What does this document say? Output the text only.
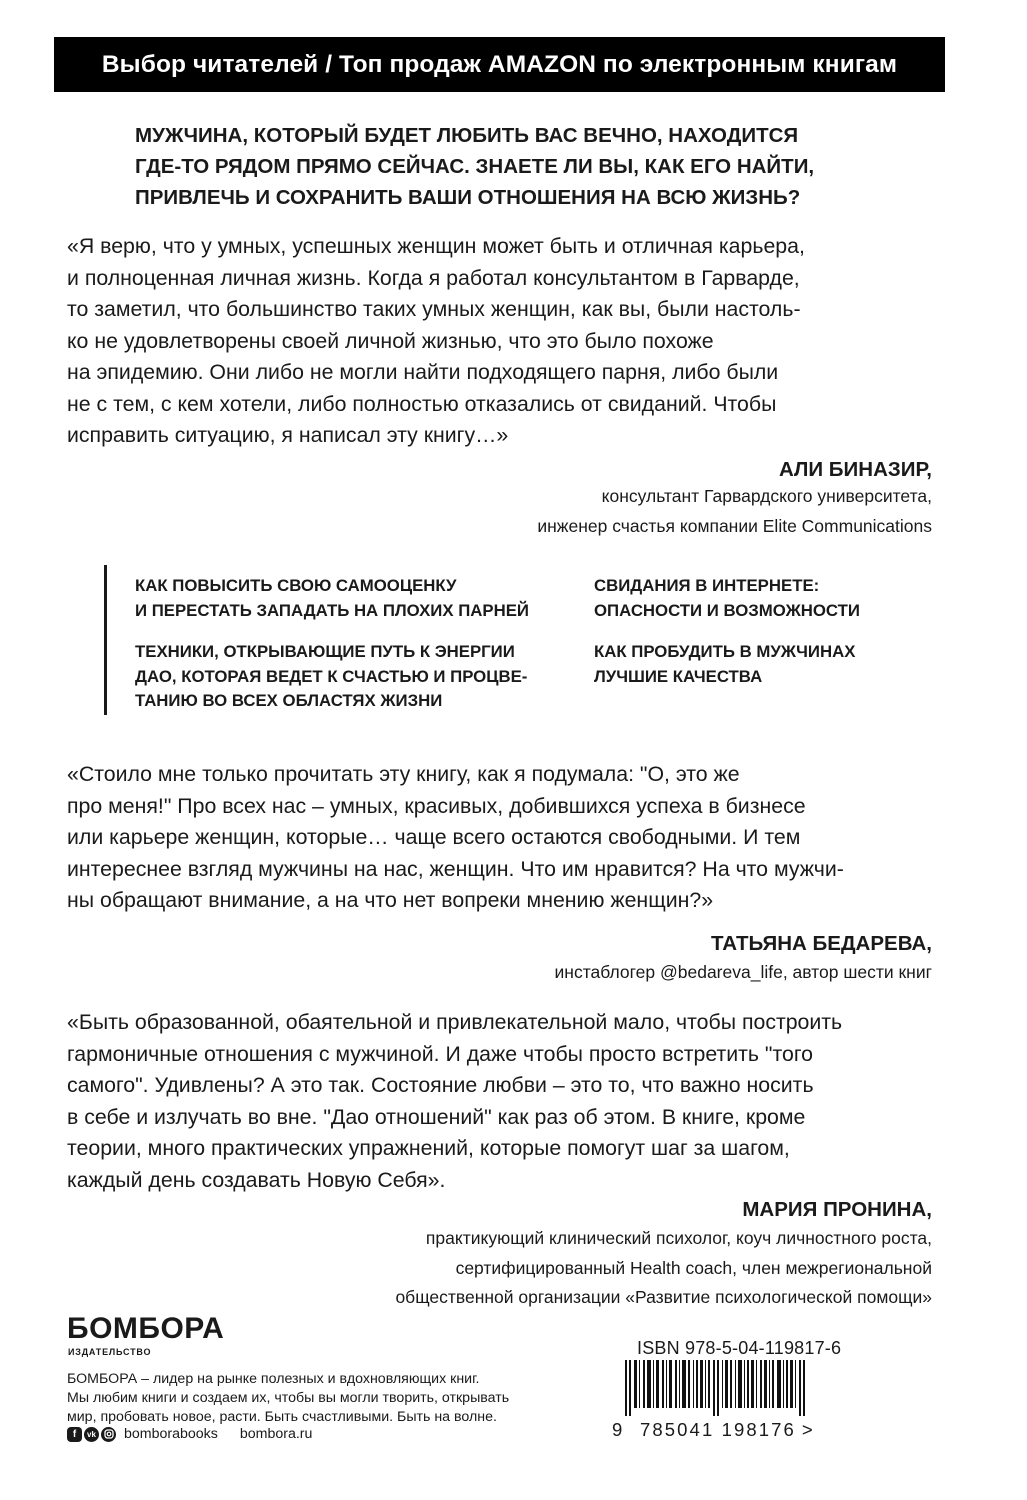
Выбор читателей / Топ продаж AMAZON по электронным книгам
МУЖЧИНА, КОТОРЫЙ БУДЕТ ЛЮБИТЬ ВАС ВЕЧНО, НАХОДИТСЯ
ГДЕ-ТО РЯДОМ ПРЯМО СЕЙЧАС. ЗНАЕТЕ ЛИ ВЫ, КАК ЕГО НАЙТИ,
ПРИВЛЕЧЬ И СОХРАНИТЬ ВАШИ ОТНОШЕНИЯ НА ВСЮ ЖИЗНЬ?
«Я верю, что у умных, успешных женщин может быть и отличная карьера,
и полноценная личная жизнь. Когда я работал консультантом в Гарварде,
то заметил, что большинство таких умных женщин, как вы, были настоль-
ко не удовлетворены своей личной жизнью, что это было похоже
на эпидемию. Они либо не могли найти подходящего парня, либо были
не с тем, с кем хотели, либо полностью отказались от свиданий. Чтобы
исправить ситуацию, я написал эту книгу…»
АЛИ БИНАЗИР,
консультант Гарвардского университета,
инженер счастья компании Elite Communications
КАК ПОВЫСИТЬ СВОЮ САМООЦЕНКУ
И ПЕРЕСТАТЬ ЗАПАДАТЬ НА ПЛОХИХ ПАРНЕЙ
СВИДАНИЯ В ИНТЕРНЕТЕ:
ОПАСНОСТИ И ВОЗМОЖНОСТИ
ТЕХНИКИ, ОТКРЫВАЮЩИЕ ПУТЬ К ЭНЕРГИИ
ДАО, КОТОРАЯ ВЕДЕТ К СЧАСТЬЮ И ПРОЦВЕ-
ТАНИЮ ВО ВСЕХ ОБЛАСТЯХ ЖИЗНИ
КАК ПРОБУДИТЬ В МУЖЧИНАХ
ЛУЧШИЕ КАЧЕСТВА
«Стоило мне только прочитать эту книгу, как я подумала: "О, это же
про меня!" Про всех нас – умных, красивых, добившихся успеха в бизнесе
или карьере женщин, которые… чаще всего остаются свободными. И тем
интереснее взгляд мужчины на нас, женщин. Что им нравится? На что мужчи-
ны обращают внимание, а на что нет вопреки мнению женщин?»
ТАТЬЯНА БЕДАРЕВА,
инстаблогер @bedareva_life, автор шести книг
«Быть образованной, обаятельной и привлекательной мало, чтобы построить
гармоничные отношения с мужчиной. И даже чтобы просто встретить "того
самого". Удивлены? А это так. Состояние любви – это то, что важно носить
в себе и излучать во вне. "Дао отношений" как раз об этом. В книге, кроме
теории, много практических упражнений, которые помогут шаг за шагом,
каждый день создавать Новую Себя».
МАРИЯ ПРОНИНА,
практикующий клинический психолог, коуч личностного роста,
сертифицированный Health coach, член межрегиональной
общественной организации «Развитие психологической помощи»
БОМБОРА
ИЗДАТЕЛЬСТВО
БОМБОРА – лидер на рынке полезных и вдохновляющих книг.
Мы любим книги и создаем их, чтобы вы могли творить, открывать
мир, пробовать новое, расти. Быть счастливыми. Быть на волне.
f	vk bomborabooks bombora.ru
ISBN 978-5-04-119817-6
9 785041 198176 >
